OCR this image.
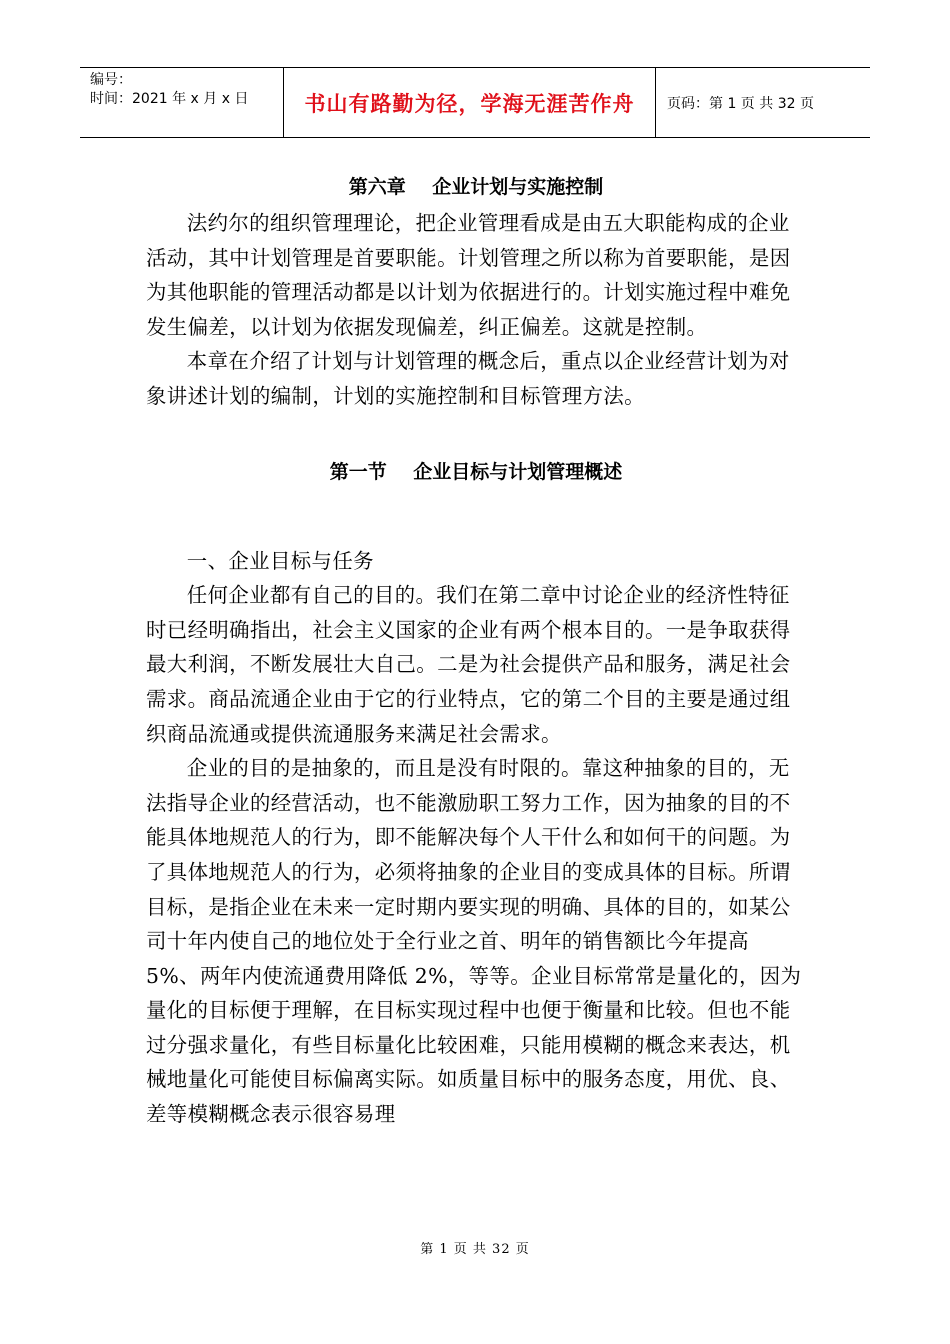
编号：
时间：2021 年 x 月 x 日	书山有路勤为径，学海无涯苦作舟 页码：第 1 页 共 32 页
第六章 企业计划与实施控制

法约尔的组织管理理论，把企业管理看成是由五大职能构成的企业活动，其中计划管理是首要职能。计划管理之所以称为首要职能，是因为其他职能的管理活动都是以计划为依据进行的。计划实施过程中难免发生偏差，以计划为依据发现偏差，纠正偏差。这就是控制。

本章在介绍了计划与计划管理的概念后，重点以企业经营计划为对象讲述计划的编制，计划的实施控制和目标管理方法。

第一节 企业目标与计划管理概述

一、企业目标与任务

任何企业都有自己的目的。我们在第二章中讨论企业的经济性特征时已经明确指出，社会主义国家的企业有两个根本目的。一是争取获得最大利润，不断发展壮大自己。二是为社会提供产品和服务，满足社会需求。商品流通企业由于它的行业特点，它的第二个目的主要是通过组织商品流通或提供流通服务来满足社会需求。

企业的目的是抽象的，而且是没有时限的。靠这种抽象的目的，无法指导企业的经营活动，也不能激励职工努力工作，因为抽象的目的不能具体地规范人的行为，即不能解决每个人干什么和如何干的问题。为了具体地规范人的行为，必须将抽象的企业目的变成具体的目标。所谓目标，是指企业在未来一定时期内要实现的明确、具体的目的，如某公司十年内使自己的地位处于全行业之首、明年的销售额比今年提高 5%、两年内使流通费用降低 2%，等等。企业目标常常是量化的，因为量化的目标便于理解，在目标实现过程中也便于衡量和比较。但也不能过分强求量化，有些目标量化比较困难，只能用模糊的概念来表达，机械地量化可能使目标偏离实际。如质量目标中的服务态度，用优、良、差等模糊概念表示很容易理

第 1 页 共 32 页
